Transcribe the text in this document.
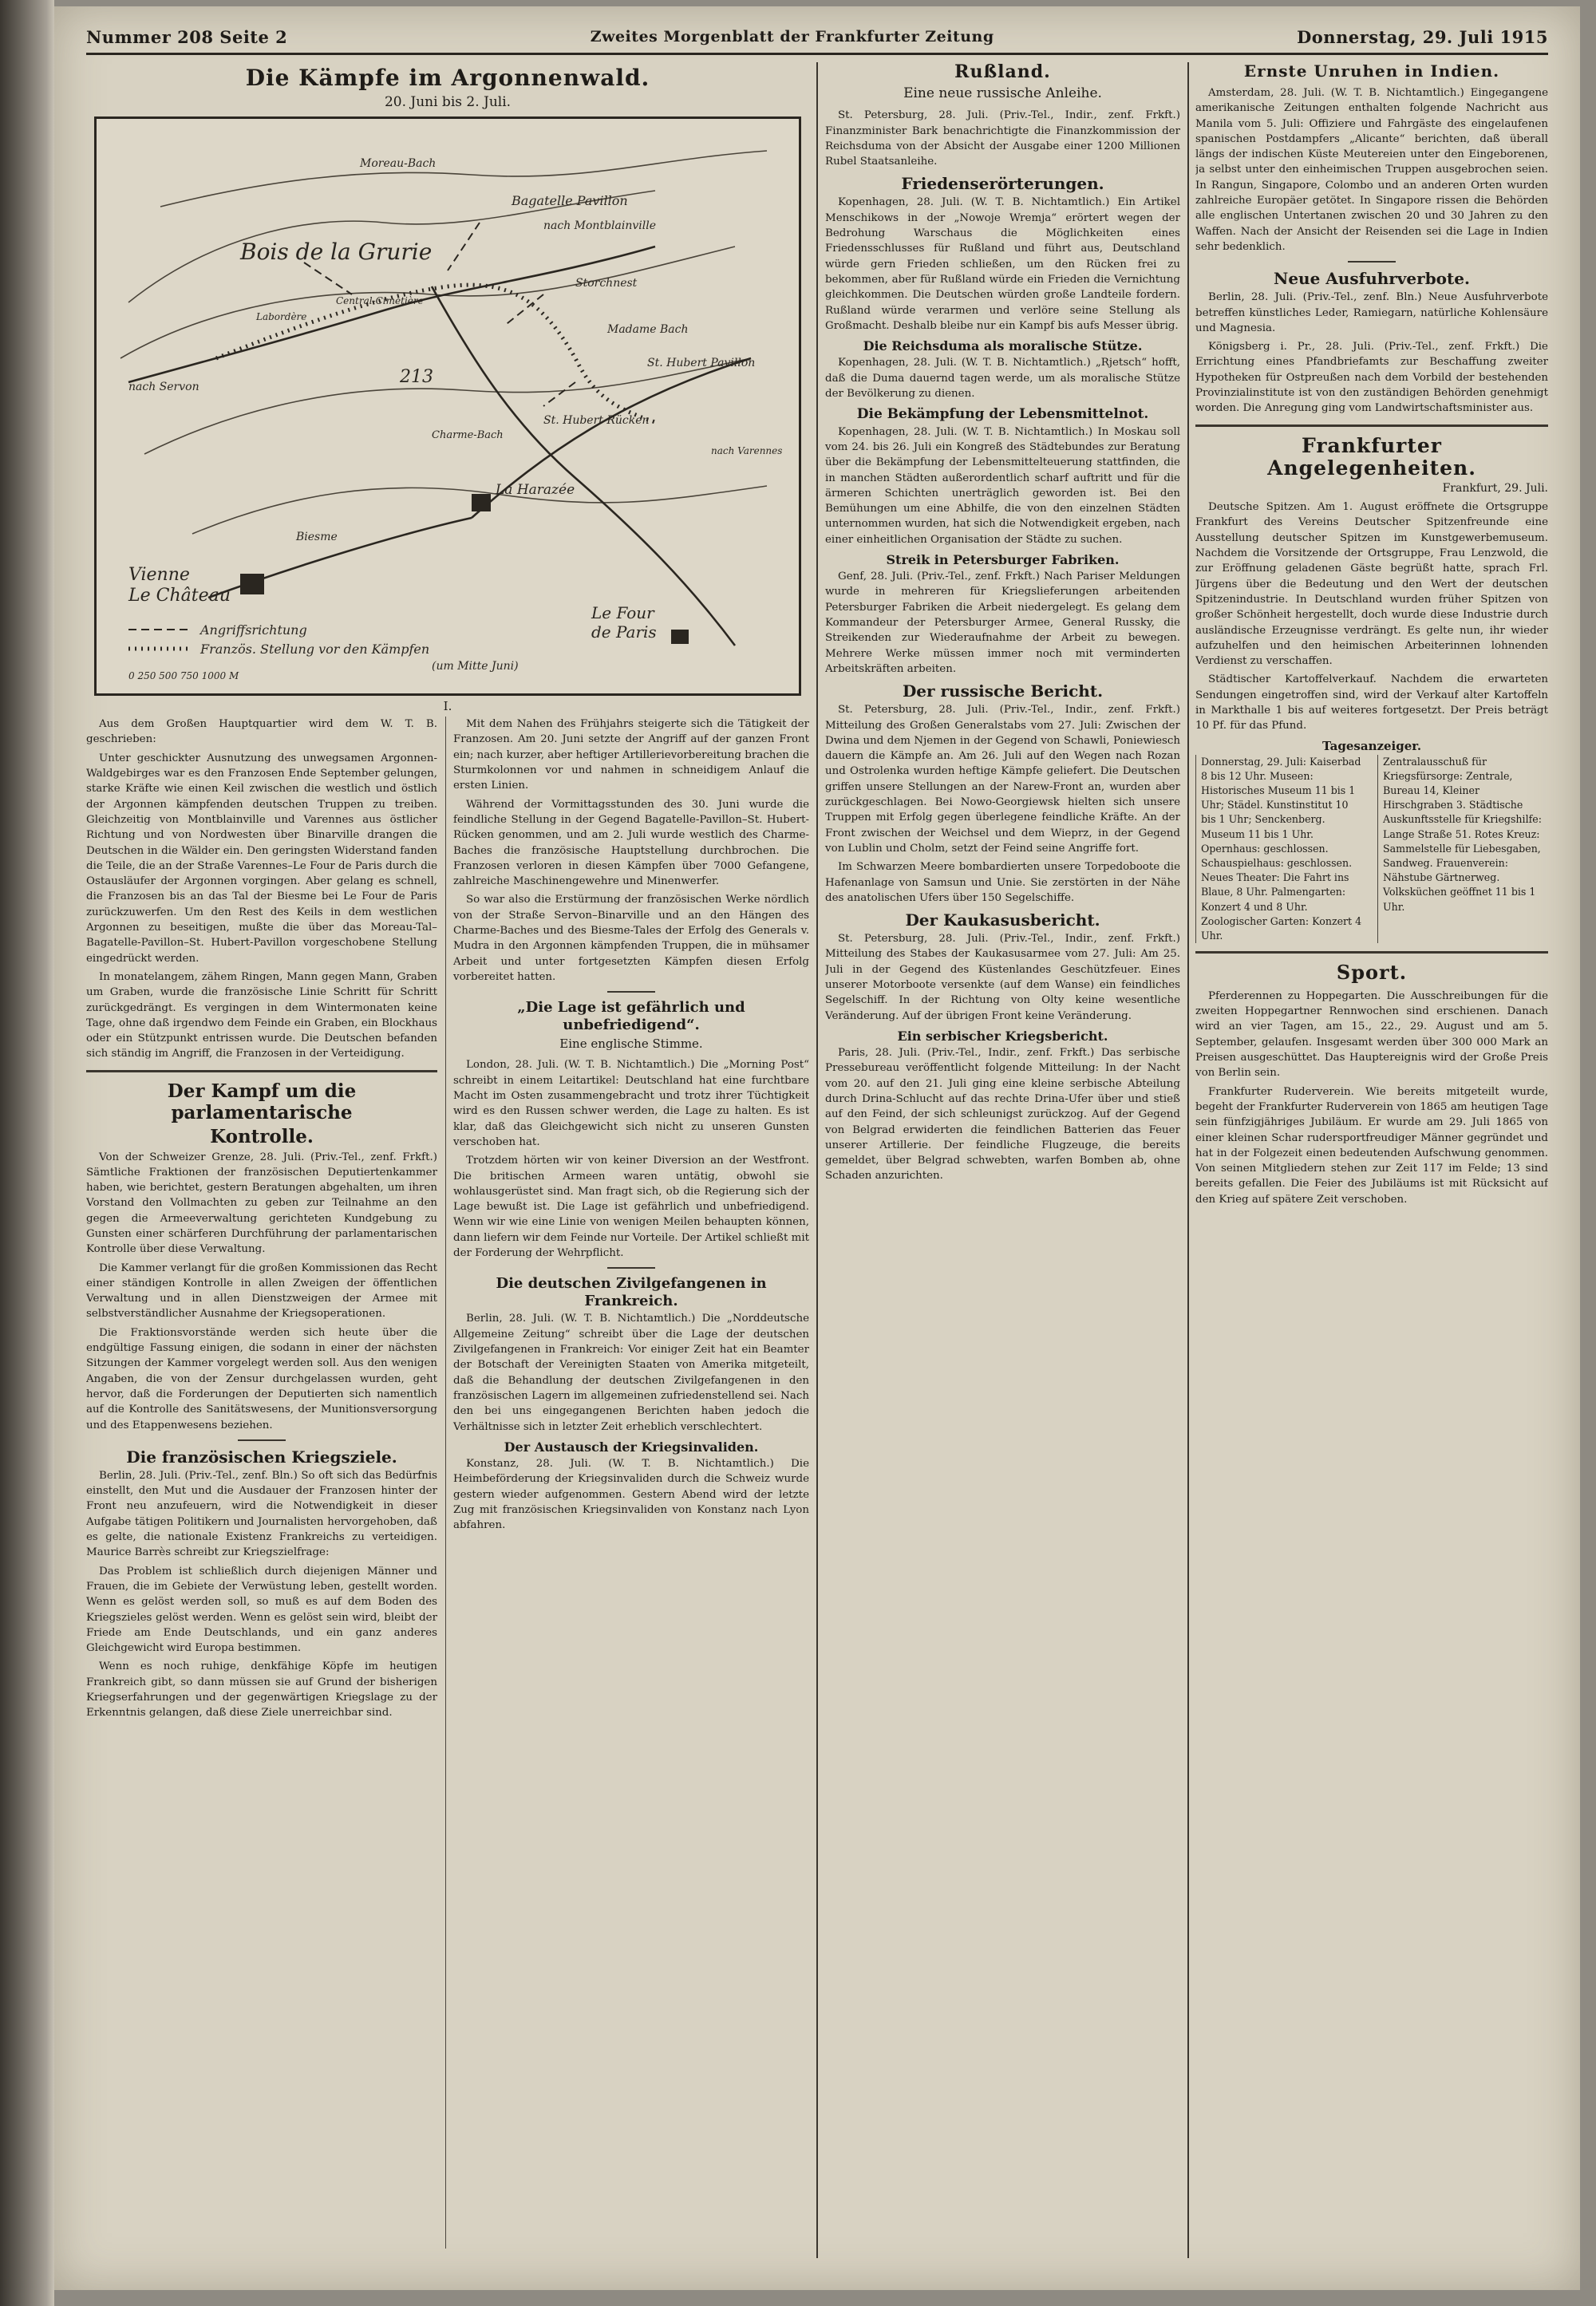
Nummer 208 Seite 2	Zweites Morgenblatt der Frankfurter Zeitung	Donnerstag, 29. Juli 1915
Die Kämpfe im Argonnenwald.
20. Juni bis 2. Juli.
Bois de la Grurie
Bagatelle Pavillon
nach Montblainville
Moreau-Bach
nach Servon
Labordère
Central-Cimetière
Storchnest
Madame Bach
St. Hubert Pavillon
St. Hubert Rücken
Charme-Bach
213
La Harazée
Biesme
Vienne
Le Château
nach Varennes
Le Four
de Paris
Angriffsrichtung
Französ. Stellung vor den Kämpfen
(um Mitte Juni)
0 250 500 750 1000 M
I.

Aus dem Großen Hauptquartier wird dem W. T. B. geschrieben:

Unter geschickter Ausnutzung des unwegsamen Argonnen-Waldgebirges war es den Franzosen Ende September gelungen, starke Kräfte wie einen Keil zwischen die westlich und östlich der Argonnen kämpfenden deutschen Truppen zu treiben. Gleichzeitig von Montblainville und Varennes aus östlicher Richtung und von Nordwesten über Binarville drangen die Deutschen in die Wälder ein. Den geringsten Widerstand fanden die Teile, die an der Straße Varennes–Le Four de Paris durch die Ostausläufer der Argonnen vorgingen. Aber gelang es schnell, die Franzosen bis an das Tal der Biesme bei Le Four de Paris zurückzuwerfen. Um den Rest des Keils in dem westlichen Argonnen zu beseitigen, mußte die über das Moreau-Tal–Bagatelle-Pavillon–St. Hubert-Pavillon vorgeschobene Stellung eingedrückt werden.

In monatelangem, zähem Ringen, Mann gegen Mann, Graben um Graben, wurde die französische Linie Schritt für Schritt zurückgedrängt. Es vergingen in dem Wintermonaten keine Tage, ohne daß irgendwo dem Feinde ein Graben, ein Blockhaus oder ein Stützpunkt entrissen wurde. Die Deutschen befanden sich ständig im Angriff, die Franzosen in der Verteidigung.

Der Kampf um die parlamentarische
Kontrolle.

Von der Schweizer Grenze, 28. Juli. (Priv.-Tel., zenf. Frkft.) Sämtliche Fraktionen der französischen Deputiertenkammer haben, wie berichtet, gestern Beratungen abgehalten, um ihren Vorstand den Vollmachten zu geben zur Teilnahme an den gegen die Armeeverwaltung gerichteten Kundgebung zu Gunsten einer schärferen Durchführung der parlamentarischen Kontrolle über diese Verwaltung.

Die Kammer verlangt für die großen Kommissionen das Recht einer ständigen Kontrolle in allen Zweigen der öffentlichen Verwaltung und in allen Dienstzweigen der Armee mit selbstverständlicher Ausnahme der Kriegsoperationen.

Die Fraktionsvorstände werden sich heute über die endgültige Fassung einigen, die sodann in einer der nächsten Sitzungen der Kammer vorgelegt werden soll. Aus den wenigen Angaben, die von der Zensur durchgelassen wurden, geht hervor, daß die Forderungen der Deputierten sich namentlich auf die Kontrolle des Sanitätswesens, der Munitionsversorgung und des Etappenwesens beziehen.

Die französischen Kriegsziele.

Berlin, 28. Juli. (Priv.-Tel., zenf. Bln.) So oft sich das Bedürfnis einstellt, den Mut und die Ausdauer der Franzosen hinter der Front neu anzufeuern, wird die Notwendigkeit in dieser Aufgabe tätigen Politikern und Journalisten hervorgehoben, daß es gelte, die nationale Existenz Frankreichs zu verteidigen. Maurice Barrès schreibt zur Kriegszielfrage:

Das Problem ist schließlich durch diejenigen Männer und Frauen, die im Gebiete der Verwüstung leben, gestellt worden. Wenn es gelöst werden soll, so muß es auf dem Boden des Kriegszieles gelöst werden. Wenn es gelöst sein wird, bleibt der Friede am Ende Deutschlands, und ein ganz anderes Gleichgewicht wird Europa bestimmen.

Wenn es noch ruhige, denkfähige Köpfe im heutigen Frankreich gibt, so dann müssen sie auf Grund der bisherigen Kriegserfahrungen und der gegenwärtigen Kriegslage zu der Erkenntnis gelangen, daß diese Ziele unerreichbar sind.

Mit dem Nahen des Frühjahrs steigerte sich die Tätigkeit der Franzosen. Am 20. Juni setzte der Angriff auf der ganzen Front ein; nach kurzer, aber heftiger Artillerievorbereitung brachen die Sturmkolonnen vor und nahmen in schneidigem Anlauf die ersten Linien.

Während der Vormittagsstunden des 30. Juni wurde die feindliche Stellung in der Gegend Bagatelle-Pavillon–St. Hubert-Rücken genommen, und am 2. Juli wurde westlich des Charme-Baches die französische Hauptstellung durchbrochen. Die Franzosen verloren in diesen Kämpfen über 7000 Gefangene, zahlreiche Maschinengewehre und Minenwerfer.

So war also die Erstürmung der französischen Werke nördlich von der Straße Servon–Binarville und an den Hängen des Charme-Baches und des Biesme-Tales der Erfolg des Generals v. Mudra in den Argonnen kämpfenden Truppen, die in mühsamer Arbeit und unter fortgesetzten Kämpfen diesen Erfolg vorbereitet hatten.

„Die Lage ist gefährlich und unbefriedigend“.
Eine englische Stimme.

London, 28. Juli. (W. T. B. Nichtamtlich.) Die „Morning Post“ schreibt in einem Leitartikel: Deutschland hat eine furchtbare Macht im Osten zusammengebracht und trotz ihrer Tüchtigkeit wird es den Russen schwer werden, die Lage zu halten. Es ist klar, daß das Gleichgewicht sich nicht zu unseren Gunsten verschoben hat.

Trotzdem hörten wir von keiner Diversion an der Westfront. Die britischen Armeen waren untätig, obwohl sie wohlausgerüstet sind. Man fragt sich, ob die Regierung sich der Lage bewußt ist. Die Lage ist gefährlich und unbefriedigend. Wenn wir wie eine Linie von wenigen Meilen behaupten können, dann liefern wir dem Feinde nur Vorteile. Der Artikel schließt mit der Forderung der Wehrpflicht.

Die deutschen Zivilgefangenen in Frankreich.

Berlin, 28. Juli. (W. T. B. Nichtamtlich.) Die „Norddeutsche Allgemeine Zeitung“ schreibt über die Lage der deutschen Zivilgefangenen in Frankreich: Vor einiger Zeit hat ein Beamter der Botschaft der Vereinigten Staaten von Amerika mitgeteilt, daß die Behandlung der deutschen Zivilgefangenen in den französischen Lagern im allgemeinen zufriedenstellend sei. Nach den bei uns eingegangenen Berichten haben jedoch die Verhältnisse sich in letzter Zeit erheblich verschlechtert.

Der Austausch der Kriegsinvaliden.

Konstanz, 28. Juli. (W. T. B. Nichtamtlich.) Die Heimbeförderung der Kriegsinvaliden durch die Schweiz wurde gestern wieder aufgenommen. Gestern Abend wird der letzte Zug mit französischen Kriegsinvaliden von Konstanz nach Lyon abfahren.

Rußland.
Eine neue russische Anleihe.

St. Petersburg, 28. Juli. (Priv.-Tel., Indir., zenf. Frkft.) Finanzminister Bark benachrichtigte die Finanzkommission der Reichsduma von der Absicht der Ausgabe einer 1200 Millionen Rubel Staatsanleihe.

Friedenserörterungen.

Kopenhagen, 28. Juli. (W. T. B. Nichtamtlich.) Ein Artikel Menschikows in der „Nowoje Wremja“ erörtert wegen der Bedrohung Warschaus die Möglichkeiten eines Friedensschlusses für Rußland und führt aus, Deutschland würde gern Frieden schließen, um den Rücken frei zu bekommen, aber für Rußland würde ein Frieden die Vernichtung gleichkommen. Die Deutschen würden große Landteile fordern. Rußland würde verarmen und verlöre seine Stellung als Großmacht. Deshalb bleibe nur ein Kampf bis aufs Messer übrig.

Die Reichsduma als moralische Stütze.

Kopenhagen, 28. Juli. (W. T. B. Nichtamtlich.) „Rjetsch“ hofft, daß die Duma dauernd tagen werde, um als moralische Stütze der Bevölkerung zu dienen.

Die Bekämpfung der Lebensmittelnot.

Kopenhagen, 28. Juli. (W. T. B. Nichtamtlich.) In Moskau soll vom 24. bis 26. Juli ein Kongreß des Städtebundes zur Beratung über die Bekämpfung der Lebensmittelteuerung stattfinden, die in manchen Städten außerordentlich scharf auftritt und für die ärmeren Schichten unerträglich geworden ist. Bei den Bemühungen um eine Abhilfe, die von den einzelnen Städten unternommen wurden, hat sich die Notwendigkeit ergeben, nach einer einheitlichen Organisation der Städte zu suchen.

Streik in Petersburger Fabriken.

Genf, 28. Juli. (Priv.-Tel., zenf. Frkft.) Nach Pariser Meldungen wurde in mehreren für Kriegslieferungen arbeitenden Petersburger Fabriken die Arbeit niedergelegt. Es gelang dem Kommandeur der Petersburger Armee, General Russky, die Streikenden zur Wiederaufnahme der Arbeit zu bewegen. Mehrere Werke müssen immer noch mit verminderten Arbeitskräften arbeiten.

Der russische Bericht.

St. Petersburg, 28. Juli. (Priv.-Tel., Indir., zenf. Frkft.) Mitteilung des Großen Generalstabs vom 27. Juli: Zwischen der Dwina und dem Njemen in der Gegend von Schawli, Poniewiesch dauern die Kämpfe an. Am 26. Juli auf den Wegen nach Rozan und Ostrolenka wurden heftige Kämpfe geliefert. Die Deutschen griffen unsere Stellungen an der Narew-Front an, wurden aber zurückgeschlagen. Bei Nowo-Georgiewsk hielten sich unsere Truppen mit Erfolg gegen überlegene feindliche Kräfte. An der Front zwischen der Weichsel und dem Wieprz, in der Gegend von Lublin und Cholm, setzt der Feind seine Angriffe fort.

Im Schwarzen Meere bombardierten unsere Torpedoboote die Hafenanlage von Samsun und Unie. Sie zerstörten in der Nähe des anatolischen Ufers über 150 Segelschiffe.

Der Kaukasusbericht.

St. Petersburg, 28. Juli. (Priv.-Tel., Indir., zenf. Frkft.) Mitteilung des Stabes der Kaukasusarmee vom 27. Juli: Am 25. Juli in der Gegend des Küstenlandes Geschützfeuer. Eines unserer Motorboote versenkte (auf dem Wanse) ein feindliches Segelschiff. In der Richtung von Olty keine wesentliche Veränderung. Auf der übrigen Front keine Veränderung.

Ein serbischer Kriegsbericht.

Paris, 28. Juli. (Priv.-Tel., Indir., zenf. Frkft.) Das serbische Pressebureau veröffentlicht folgende Mitteilung: In der Nacht vom 20. auf den 21. Juli ging eine kleine serbische Abteilung durch Drina-Schlucht auf das rechte Drina-Ufer über und stieß auf den Feind, der sich schleunigst zurückzog. Auf der Gegend von Belgrad erwiderten die feindlichen Batterien das Feuer unserer Artillerie. Der feindliche Flugzeuge, die bereits gemeldet, über Belgrad schwebten, warfen Bomben ab, ohne Schaden anzurichten.

Ernste Unruhen in Indien.

Amsterdam, 28. Juli. (W. T. B. Nichtamtlich.) Eingegangene amerikanische Zeitungen enthalten folgende Nachricht aus Manila vom 5. Juli: Offiziere und Fahrgäste des eingelaufenen spanischen Postdampfers „Alicante“ berichten, daß überall längs der indischen Küste Meutereien unter den Eingeborenen, ja selbst unter den einheimischen Truppen ausgebrochen seien. In Rangun, Singapore, Colombo und an anderen Orten wurden zahlreiche Europäer getötet. In Singapore rissen die Behörden alle englischen Untertanen zwischen 20 und 30 Jahren zu den Waffen. Nach der Ansicht der Reisenden sei die Lage in Indien sehr bedenklich.

Neue Ausfuhrverbote.

Berlin, 28. Juli. (Priv.-Tel., zenf. Bln.) Neue Ausfuhrverbote betreffen künstliches Leder, Ramiegarn, natürliche Kohlensäure und Magnesia.

Königsberg i. Pr., 28. Juli. (Priv.-Tel., zenf. Frkft.) Die Errichtung eines Pfandbriefamts zur Beschaffung zweiter Hypotheken für Ostpreußen nach dem Vorbild der bestehenden Provinzialinstitute ist von den zuständigen Behörden genehmigt worden. Die Anregung ging vom Landwirtschaftsminister aus.

Frankfurter Angelegenheiten.
Frankfurt, 29. Juli.

Deutsche Spitzen. Am 1. August eröffnete die Ortsgruppe Frankfurt des Vereins Deutscher Spitzenfreunde eine Ausstellung deutscher Spitzen im Kunstgewerbemuseum. Nachdem die Vorsitzende der Ortsgruppe, Frau Lenzwold, die zur Eröffnung geladenen Gäste begrüßt hatte, sprach Frl. Jürgens über die Bedeutung und den Wert der deutschen Spitzenindustrie. In Deutschland wurden früher Spitzen von großer Schönheit hergestellt, doch wurde diese Industrie durch ausländische Erzeugnisse verdrängt. Es gelte nun, ihr wieder aufzuhelfen und den heimischen Arbeiterinnen lohnenden Verdienst zu verschaffen.

Städtischer Kartoffelverkauf. Nachdem die erwarteten Sendungen eingetroffen sind, wird der Verkauf alter Kartoffeln in Markthalle 1 bis auf weiteres fortgesetzt. Der Preis beträgt 10 Pf. für das Pfund.

Tagesanzeiger.
Donnerstag, 29. Juli: Kaiserbad 8 bis 12 Uhr. Museen: Historisches Museum 11 bis 1 Uhr; Städel. Kunstinstitut 10 bis 1 Uhr; Senckenberg. Museum 11 bis 1 Uhr. Opernhaus: geschlossen. Schauspielhaus: geschlossen. Neues Theater: Die Fahrt ins Blaue, 8 Uhr. Palmengarten: Konzert 4 und 8 Uhr. Zoologischer Garten: Konzert 4 Uhr.
Zentralausschuß für Kriegsfürsorge: Zentrale, Bureau 14, Kleiner Hirschgraben 3. Städtische Auskunftsstelle für Kriegshilfe: Lange Straße 51. Rotes Kreuz: Sammelstelle für Liebesgaben, Sandweg. Frauenverein: Nähstube Gärtnerweg. Volksküchen geöffnet 11 bis 1 Uhr.
Sport.

Pferderennen zu Hoppegarten. Die Ausschreibungen für die zweiten Hoppegartner Rennwochen sind erschienen. Danach wird an vier Tagen, am 15., 22., 29. August und am 5. September, gelaufen. Insgesamt werden über 300 000 Mark an Preisen ausgeschüttet. Das Hauptereignis wird der Große Preis von Berlin sein.

Frankfurter Ruderverein. Wie bereits mitgeteilt wurde, begeht der Frankfurter Ruderverein von 1865 am heutigen Tage sein fünfzigjähriges Jubiläum. Er wurde am 29. Juli 1865 von einer kleinen Schar rudersportfreudiger Männer gegründet und hat in der Folgezeit einen bedeutenden Aufschwung genommen. Von seinen Mitgliedern stehen zur Zeit 117 im Felde; 13 sind bereits gefallen. Die Feier des Jubiläums ist mit Rücksicht auf den Krieg auf spätere Zeit verschoben.
